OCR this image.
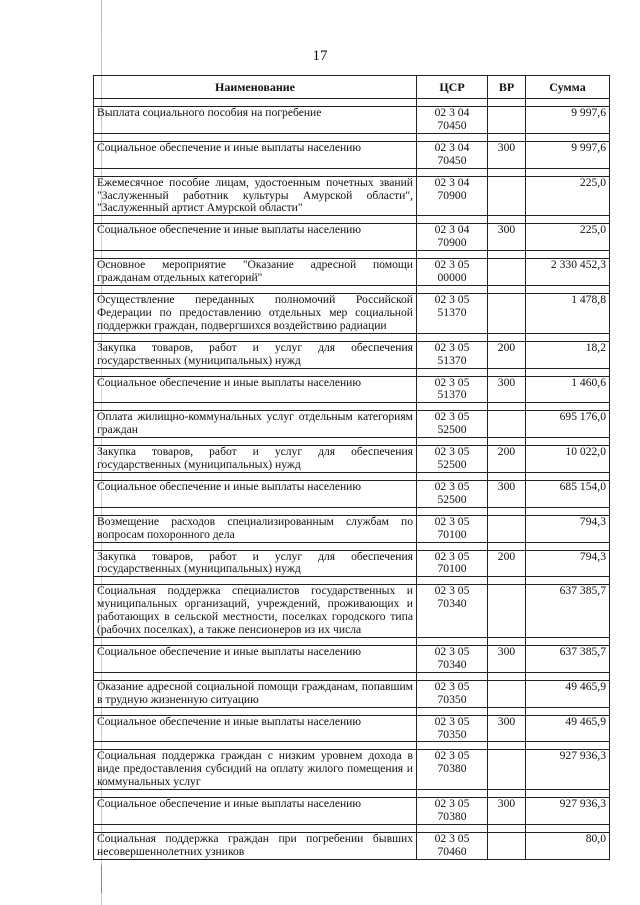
17
Наименование	ЦСР	ВР	Сумма

Выплата социального пособия на погребение	02 3 04 70450		9 997,6

Социальное обеспечение и иные выплаты населению	02 3 04 70450	300	9 997,6

Ежемесячное пособие лицам, удостоенным почетных званий "Заслуженный работник культуры Амурской области", "Заслуженный артист Амурской области"	02 3 04 70900		225,0

Социальное обеспечение и иные выплаты населению	02 3 04 70900	300	225,0

Основное мероприятие "Оказание адресной помощи гражданам отдельных категорий"	02 3 05 00000		2 330 452,3

Осуществление переданных полномочий Российской Федерации по предоставлению отдельных мер социальной поддержки граждан, подвергшихся воздействию радиации	02 3 05 51370		1 478,8

Закупка товаров, работ и услуг для обеспечения государственных (муниципальных) нужд	02 3 05 51370	200	18,2

Социальное обеспечение и иные выплаты населению	02 3 05 51370	300	1 460,6

Оплата жилищно-коммунальных услуг отдельным категориям граждан	02 3 05 52500		695 176,0

Закупка товаров, работ и услуг для обеспечения государственных (муниципальных) нужд	02 3 05 52500	200	10 022,0

Социальное обеспечение и иные выплаты населению	02 3 05 52500	300	685 154,0

Возмещение расходов специализированным службам по вопросам похоронного дела	02 3 05 70100		794,3

Закупка товаров, работ и услуг для обеспечения государственных (муниципальных) нужд	02 3 05 70100	200	794,3

Социальная поддержка специалистов государственных и муниципальных организаций, учреждений, проживающих и работающих в сельской местности, поселках городского типа (рабочих поселках), а также пенсионеров из их числа	02 3 05 70340		637 385,7

Социальное обеспечение и иные выплаты населению	02 3 05 70340	300	637 385,7

Оказание адресной социальной помощи гражданам, попавшим в трудную жизненную ситуацию	02 3 05 70350		49 465,9

Социальное обеспечение и иные выплаты населению	02 3 05 70350	300	49 465,9

Социальная поддержка граждан с низким уровнем дохода в виде предоставления субсидий на оплату жилого помещения и коммунальных услуг	02 3 05 70380		927 936,3

Социальное обеспечение и иные выплаты населению	02 3 05 70380	300	927 936,3

Социальная поддержка граждан при погребении бывших несовершеннолетних узников	02 3 05 70460		80,0
